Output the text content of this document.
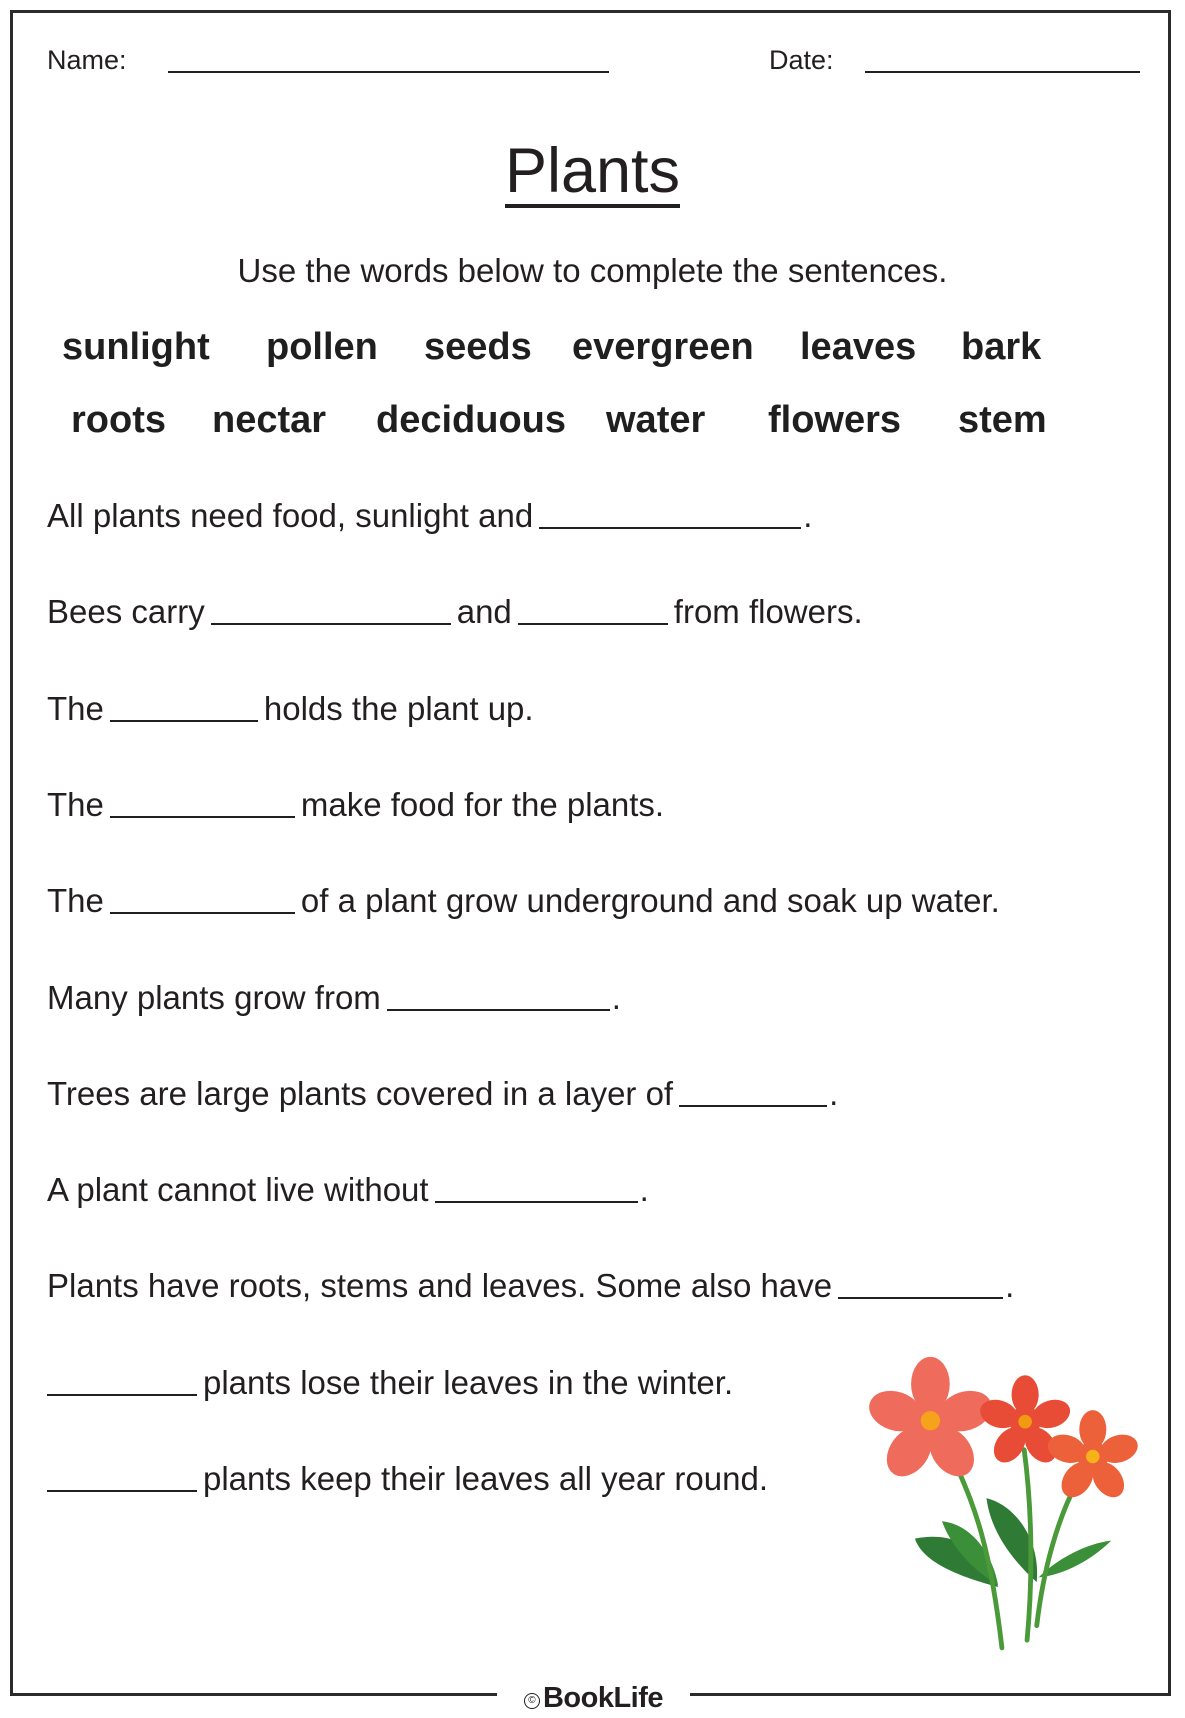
Name:	Date:
Plants
Use the words below to complete the sentences.
sunlight pollen seeds evergreen leaves bark
roots nectar deciduous water flowers stem
All plants need food, sunlight and	.
Bees carry	and	from flowers.
The	holds the plant up.
The	make food for the plants.
The	of a plant grow underground and soak up water.
Many plants grow from	.
Trees are large plants covered in a layer of	.
A plant cannot live without	.
Plants have roots, stems and leaves. Some also have	.
plants lose their leaves in the winter.
plants keep their leaves all year round.
© BookLife
